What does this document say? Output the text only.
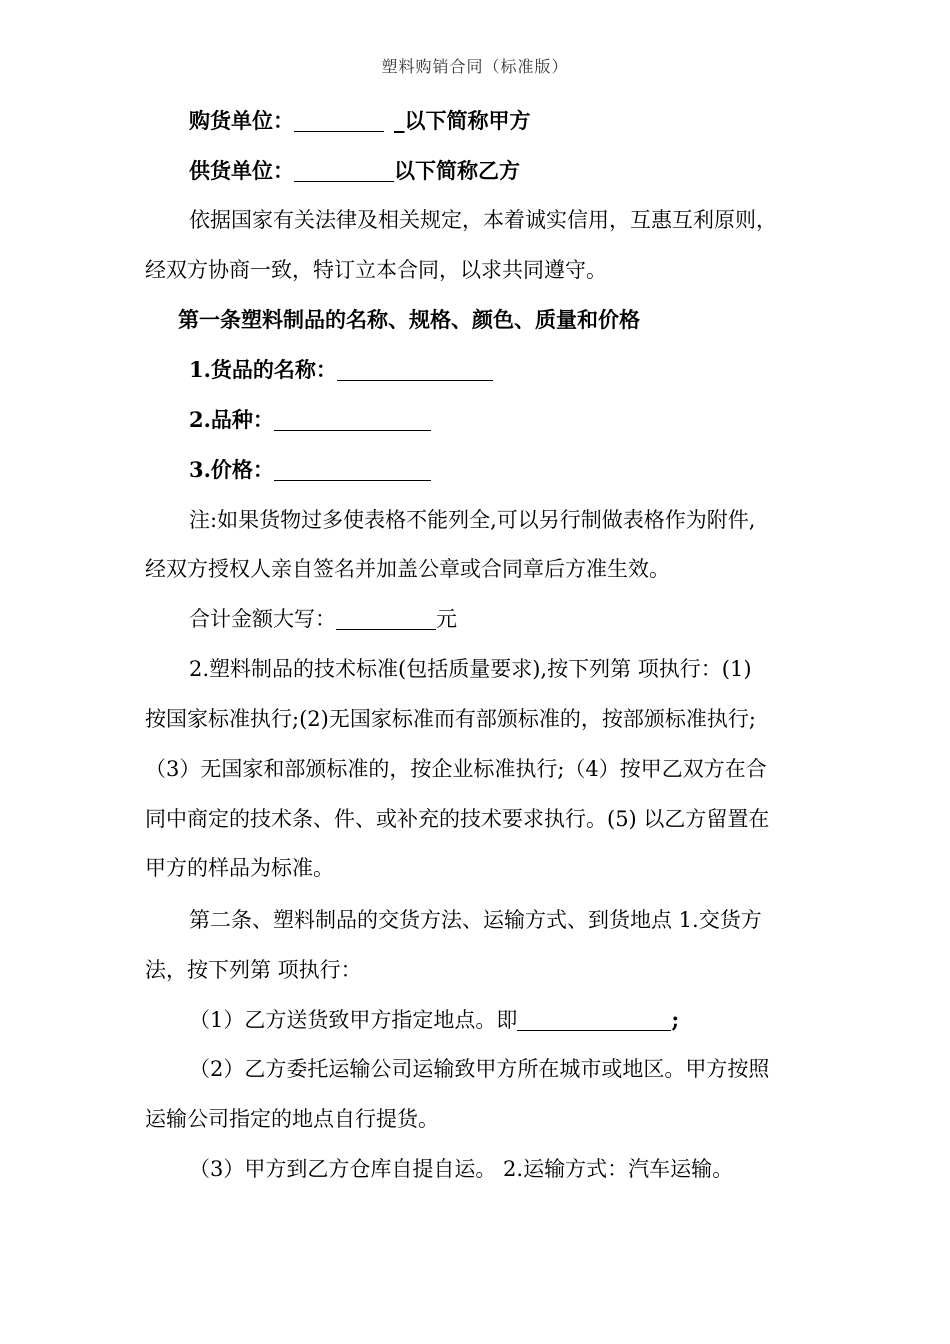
塑料购销合同（标准版）
购货单位：	_以下简称甲方
供货单位：	以下简称乙方
依据国家有关法律及相关规定，本着诚实信用，互惠互利原则，
经双方协商一致，特订立本合同，以求共同遵守。
第一条塑料制品的名称、规格、颜色、质量和价格
1.货品的名称：
2.品种：
3.价格：
注:如果货物过多使表格不能列全,可以另行制做表格作为附件,
经双方授权人亲自签名并加盖公章或合同章后方准生效。
合计金额大写：	元
2.塑料制品的技术标准(包括质量要求),按下列第 项执行：(1)
按国家标准执行;(2)无国家标准而有部颁标准的，按部颁标准执行;
（3）无国家和部颁标准的，按企业标准执行;（4）按甲乙双方在合
同中商定的技术条、件、或补充的技术要求执行。(5) 以乙方留置在
甲方的样品为标准。
第二条、塑料制品的交货方法、运输方式、到货地点 1.交货方
法，按下列第 项执行：
（1）乙方送货致甲方指定地点。即	;
（2）乙方委托运输公司运输致甲方所在城市或地区。甲方按照
运输公司指定的地点自行提货。
（3）甲方到乙方仓库自提自运。 2.运输方式：汽车运输。
